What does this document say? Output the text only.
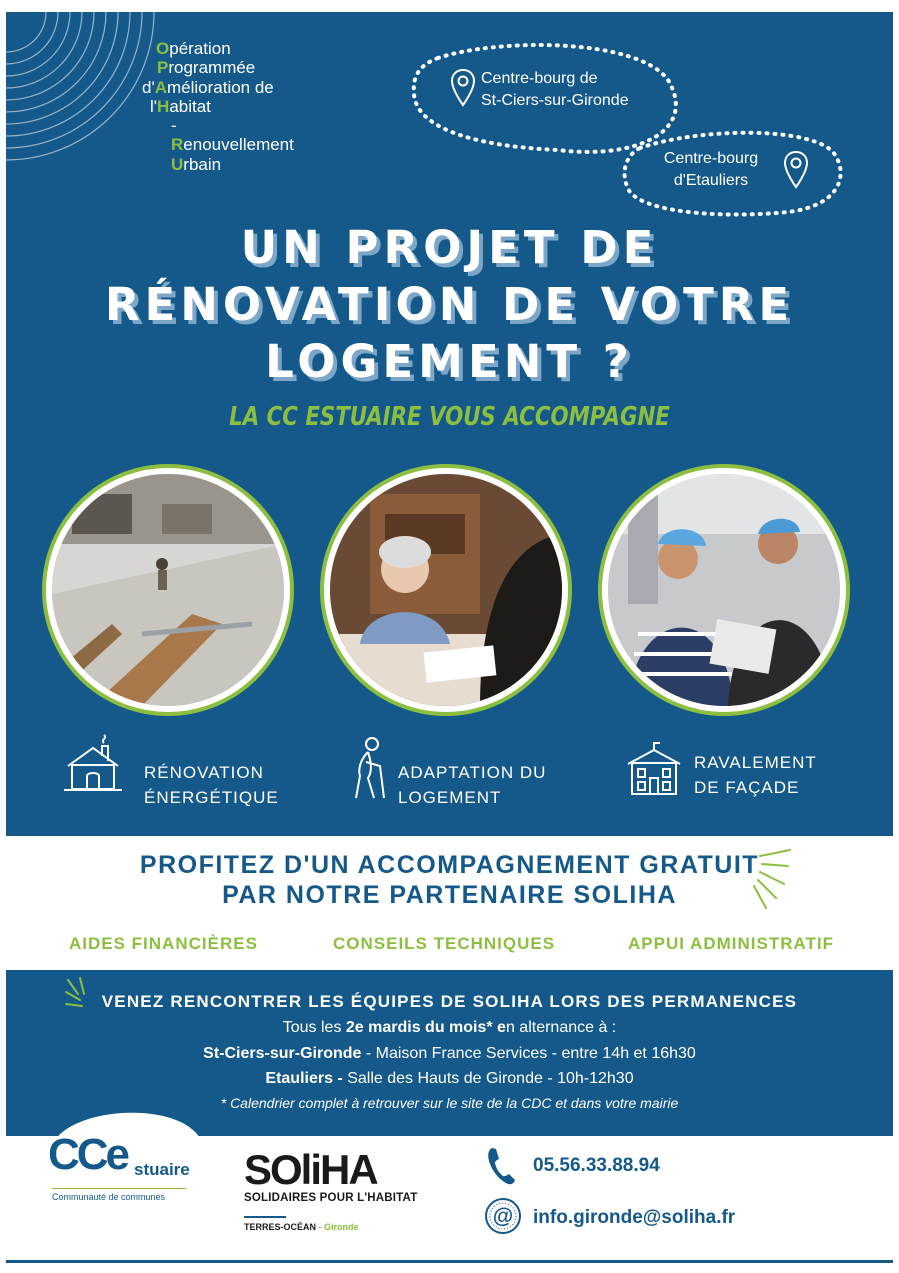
Opération
Programmée
d'Amélioration de
l'Habitat
-
Renouvellement
Urbain
Centre-bourg de
St-Ciers-sur-Gironde
Centre-bourg
d'Etauliers
UN PROJET DE
RÉNOVATION DE VOTRE
LOGEMENT ?
LA CC ESTUAIRE VOUS ACCOMPAGNE
RÉNOVATION
ÉNERGÉTIQUE
ADAPTATION DU
LOGEMENT
RAVALEMENT
DE FAÇADE
PROFITEZ D'UN ACCOMPAGNEMENT GRATUIT
PAR NOTRE PARTENAIRE SOLIHA
AIDES FINANCIÈRES	CONSEILS TECHNIQUES	APPUI ADMINISTRATIF
VENEZ RENCONTRER LES ÉQUIPES DE SOLIHA LORS DES PERMANENCES
Tous les 2e mardis du mois* en alternance à :
St-Ciers-sur-Gironde - Maison France Services - entre 14h et 16h30
Etauliers - Salle des Hauts de Gironde - 10h-12h30
* Calendrier complet à retrouver sur le site de la CDC et dans votre mairie
CCe stuaire
Communauté de communes
SOliHA
SOLIDAIRES POUR L'HABITAT
TERRES-OCÉAN - Gironde
05.56.33.88.94
@ info.gironde@soliha.fr
